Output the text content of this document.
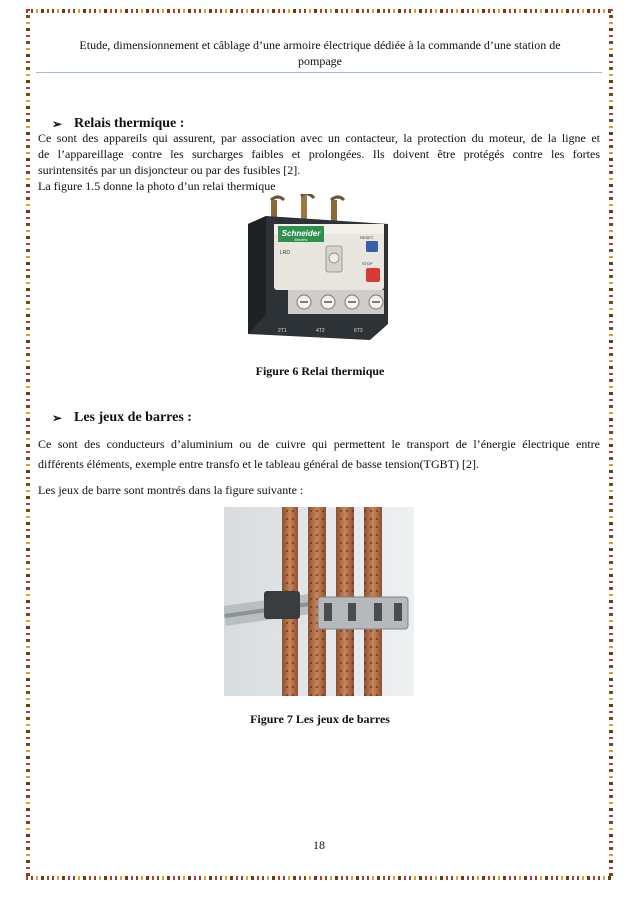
Etude, dimensionnement et câblage d’une armoire électrique dédiée à la commande d’une station de
pompage
➢ Relais thermique :
Ce sont des appareils qui assurent, par association avec un contacteur, la protection du moteur, de la ligne et
de l’appareillage contre les surcharges faibles et prolongées. Ils doivent être protégés contre les fortes
surintensités par un disjoncteur ou par des fusibles [2].
La figure 1.5 donne la photo d’un relai thermique
Schneider
Electric
LRD
RESET
STOP
2T1	4T2	6T3
Figure 6 Relai thermique
➢ Les jeux de barres :
Ce sont des conducteurs d’aluminium ou de cuivre qui permettent le transport de l’énergie électrique entre
différents éléments, exemple entre transfo et le tableau général de basse tension(TGBT) [2].
Les jeux de barre sont montrés dans la figure suivante :
Figure 7 Les jeux de barres
18
